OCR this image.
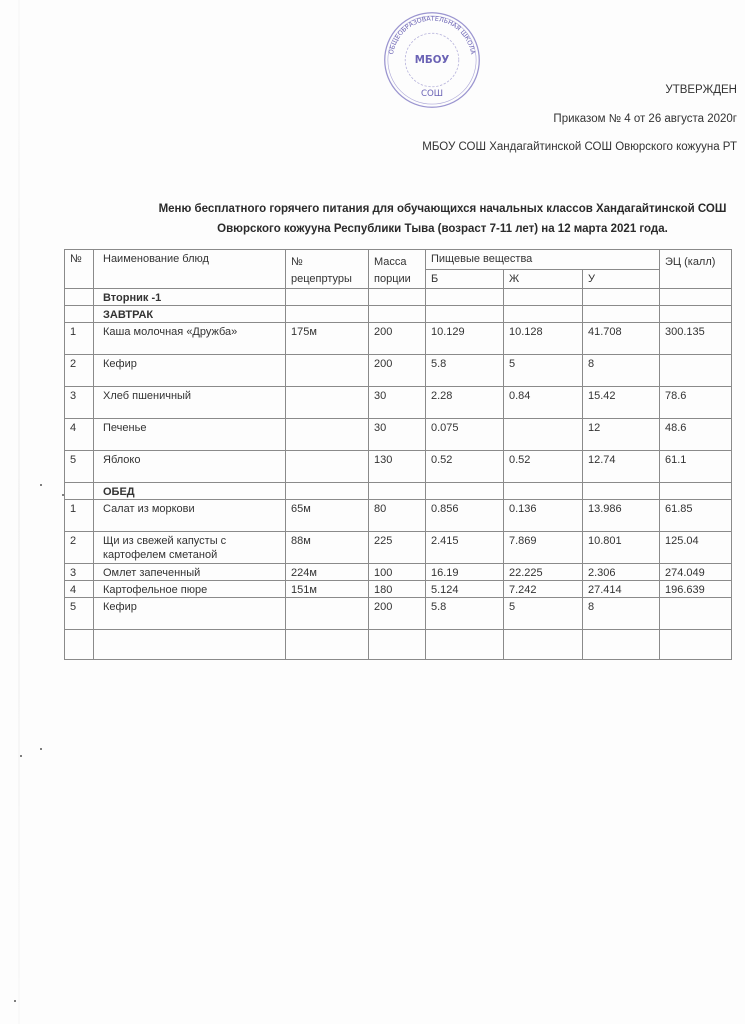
ОБЩЕОБРАЗОВАТЕЛЬНАЯ ШКОЛА
МБОУ
СОШ	УТВЕРЖДЕН
Приказом № 4 от 26 августа 2020г
МБОУ СОШ Хандагайтинской СОШ Овюрского кожууна РТ
Меню бесплатного горячего питания для обучающихся начальных классов Хандагайтинской СОШ
Овюрского кожууна Республики Тыва (возраст 7-11 лет) на 12 марта 2021 года.
№	Наименование блюд	№ рецепртуры	Масса порции	Пищевые вещества			ЭЦ (калл)
				Б	Ж	У	
	Вторник -1						
	ЗАВТРАК						
1	Каша молочная «Дружба»	175м	200	10.129	10.128	41.708	300.135
2	Кефир		200	5.8	5	8	
3	Хлеб пшеничный		30	2.28	0.84	15.42	78.6
4	Печенье		30	0.075		12	48.6
5	Яблоко		130	0.52	0.52	12.74	61.1
	ОБЕД						
1	Салат из моркови	65м	80	0.856	0.136	13.986	61.85
2	Щи из свежей капусты с картофелем сметаной	88м	225	2.415	7.869	10.801	125.04
3	Омлет запеченный	224м	100	16.19	22.225	2.306	274.049
4	Картофельное пюре	151м	180	5.124	7.242	27.414	196.639
5	Кефир		200	5.8	5	8	
